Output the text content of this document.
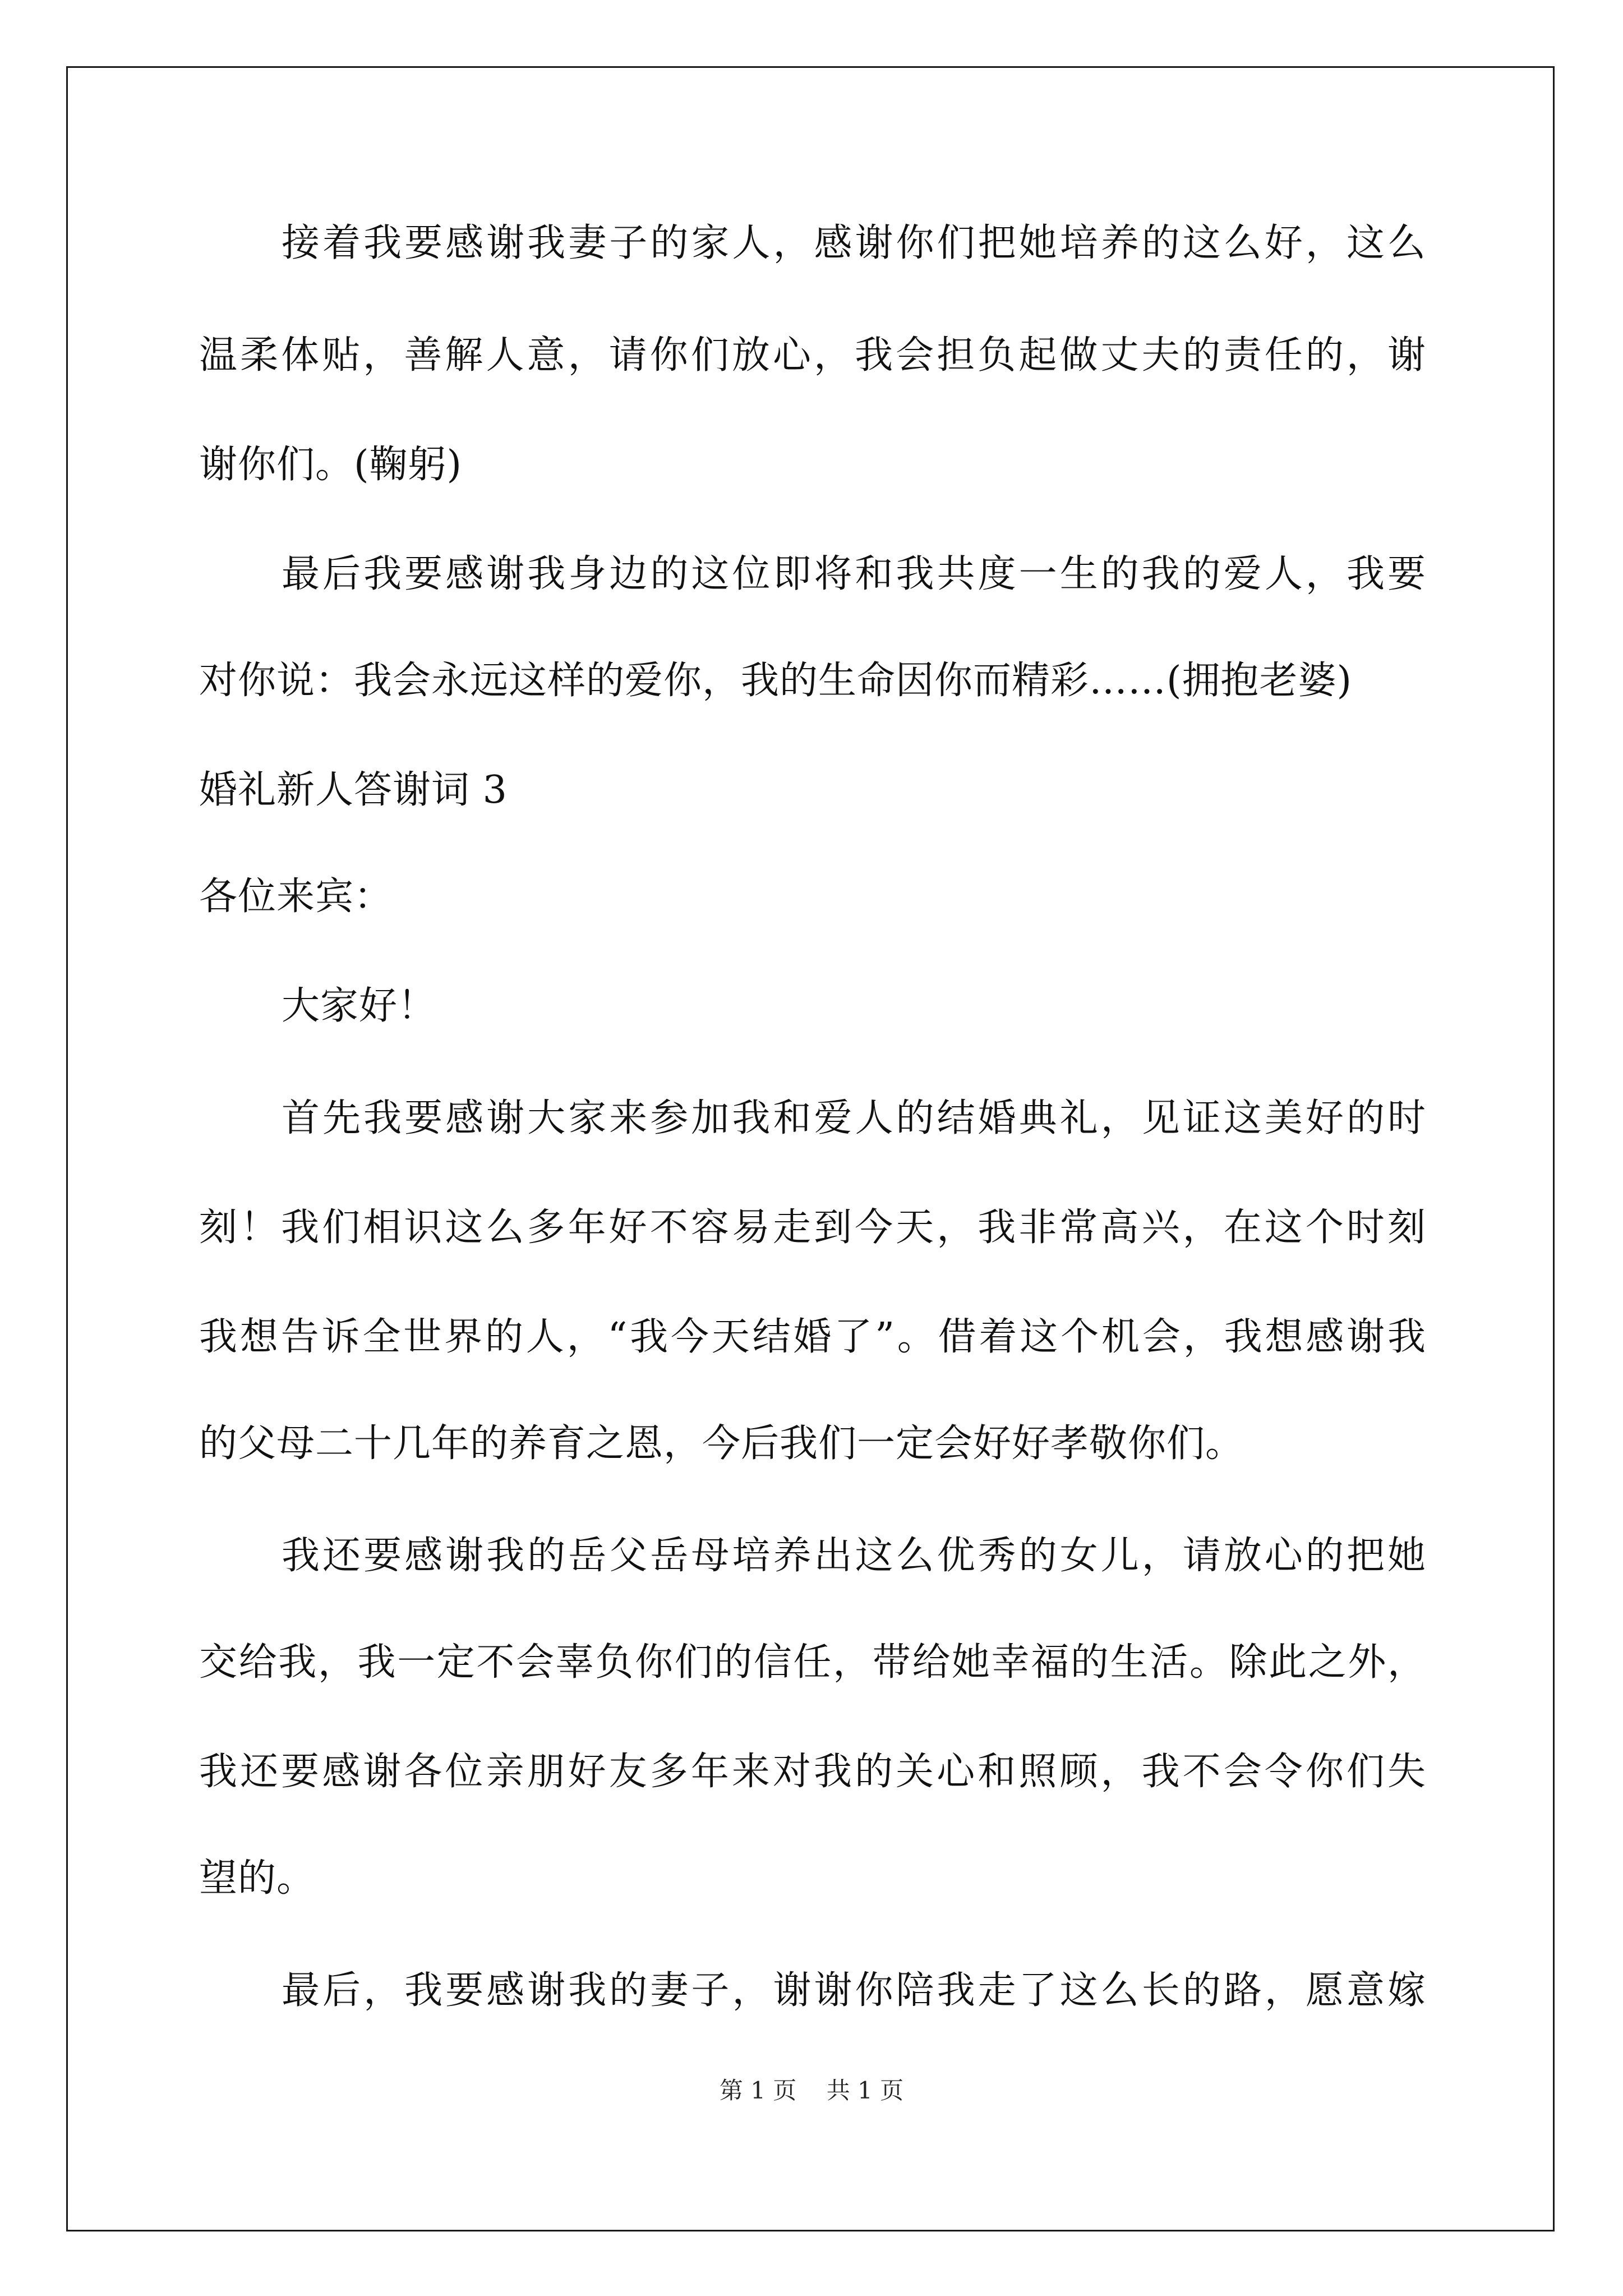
接着我要感谢我妻子的家人，感谢你们把她培养的这么好，这么
温柔体贴，善解人意，请你们放心，我会担负起做丈夫的责任的，谢
谢你们。(鞠躬)
最后我要感谢我身边的这位即将和我共度一生的我的爱人，我要
对你说：我会永远这样的爱你，我的生命因你而精彩……(拥抱老婆)
婚礼新人答谢词 3
各位来宾：
大家好！
首先我要感谢大家来参加我和爱人的结婚典礼，见证这美好的时
刻！我们相识这么多年好不容易走到今天，我非常高兴，在这个时刻
我想告诉全世界的人，“我今天结婚了”。借着这个机会，我想感谢我
的父母二十几年的养育之恩，今后我们一定会好好孝敬你们。
我还要感谢我的岳父岳母培养出这么优秀的女儿，请放心的把她
交给我，我一定不会辜负你们的信任，带给她幸福的生活。除此之外，
我还要感谢各位亲朋好友多年来对我的关心和照顾，我不会令你们失
望的。
最后，我要感谢我的妻子，谢谢你陪我走了这么长的路，愿意嫁
第 1 页    共 1 页
